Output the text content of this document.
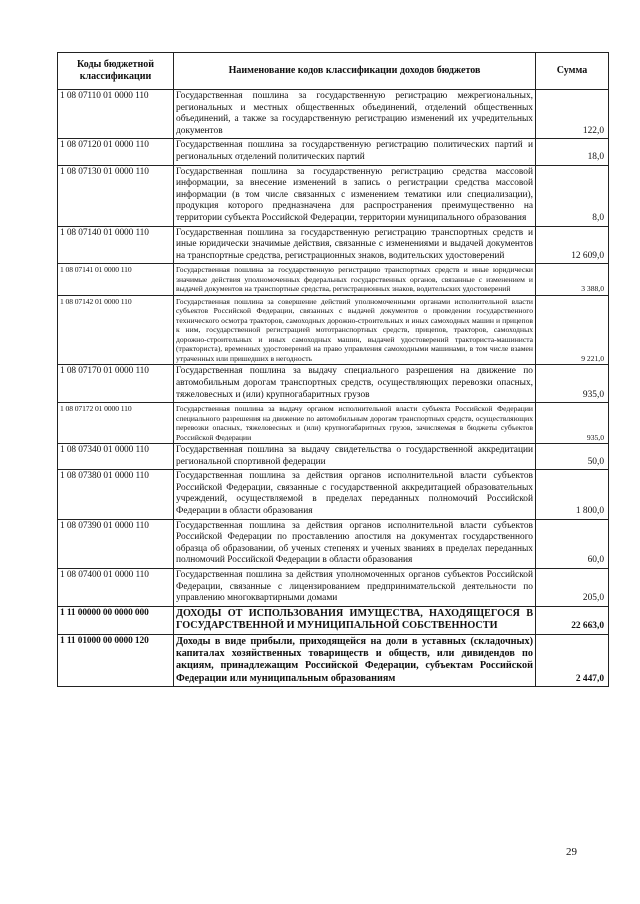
Коды бюджетной классификации	Наименование кодов классификации доходов бюджетов	Сумма
1 08 07110 01 0000 110	Государственная пошлина за государственную регистрацию межрегиональных, региональных и местных общественных объединений, отделений общественных объединений, а также за государственную регистрацию изменений их учредительных документов	122,0
1 08 07120 01 0000 110	Государственная пошлина за государственную регистрацию политических партий и региональных отделений политических партий	18,0
1 08 07130 01 0000 110	Государственная пошлина за государственную регистрацию средства массовой информации, за внесение изменений в запись о регистрации средства массовой информации (в том числе связанных с изменением тематики или специализации), продукция которого предназначена для распространения преимущественно на территории субъекта Российской Федерации, территории муниципального образования	8,0
1 08 07140 01 0000 110	Государственная пошлина за государственную регистрацию транспортных средств и иные юридически значимые действия, связанные с изменениями и выдачей документов на транспортные средства, регистрационных знаков, водительских удостоверений	12 609,0
1 08 07141 01 0000 110	Государственная пошлина за государственную регистрацию транспортных средств и иные юридически значимые действия уполномоченных федеральных государственных органов, связанные с изменением и выдачей документов на транспортные средства, регистрационных знаков, водительских удостоверений	3 388,0
1 08 07142 01 0000 110	Государственная пошлина за совершение действий уполномоченными органами исполнительной власти субъектов Российской Федерации, связанных с выдачей документов о проведении государственного технического осмотра тракторов, самоходных дорожно-строительных и иных самоходных машин и прицепов к ним, государственной регистрацией мототранспортных средств, прицепов, тракторов, самоходных дорожно-строительных и иных самоходных машин, выдачей удостоверений тракториста-машиниста (тракториста), временных удостоверений на право управления самоходными машинами, в том числе взамен утраченных или пришедших в негодность	9 221,0
1 08 07170 01 0000 110	Государственная пошлина за выдачу специального разрешения на движение по автомобильным дорогам транспортных средств, осуществляющих перевозки опасных, тяжеловесных и (или) крупногабаритных грузов	935,0
1 08 07172 01 0000 110	Государственная пошлина за выдачу органом исполнительной власти субъекта Российской Федерации специального разрешения на движение по автомобильным дорогам транспортных средств, осуществляющих перевозки опасных, тяжеловесных и (или) крупногабаритных грузов, зачисляемая в бюджеты субъектов Российской Федерации	935,0
1 08 07340 01 0000 110	Государственная пошлина за выдачу свидетельства о государственной аккредитации региональной спортивной федерации	50,0
1 08 07380 01 0000 110	Государственная пошлина за действия органов исполнительной власти субъектов Российской Федерации, связанные с государственной аккредитацией образовательных учреждений, осуществляемой в пределах переданных полномочий Российской Федерации в области образования	1 800,0
1 08 07390 01 0000 110	Государственная пошлина за действия органов исполнительной власти субъектов Российской Федерации по проставлению апостиля на документах государственного образца об образовании, об ученых степенях и ученых званиях в пределах переданных полномочий Российской Федерации в области образования	60,0
1 08 07400 01 0000 110	Государственная пошлина за действия уполномоченных органов субъектов Российской Федерации, связанные с лицензированием предпринимательской деятельности по управлению многоквартирными домами	205,0
1 11 00000 00 0000 000	ДОХОДЫ ОТ ИСПОЛЬЗОВАНИЯ ИМУЩЕСТВА, НАХОДЯЩЕГОСЯ В ГОСУДАРСТВЕННОЙ И МУНИЦИПАЛЬНОЙ СОБСТВЕННОСТИ	22 663,0
1 11 01000 00 0000 120	Доходы в виде прибыли, приходящейся на доли в уставных (складочных) капиталах хозяйственных товариществ и обществ, или дивидендов по акциям, принадлежащим Российской Федерации, субъектам Российской Федерации или муниципальным образованиям	2 447,0
29
